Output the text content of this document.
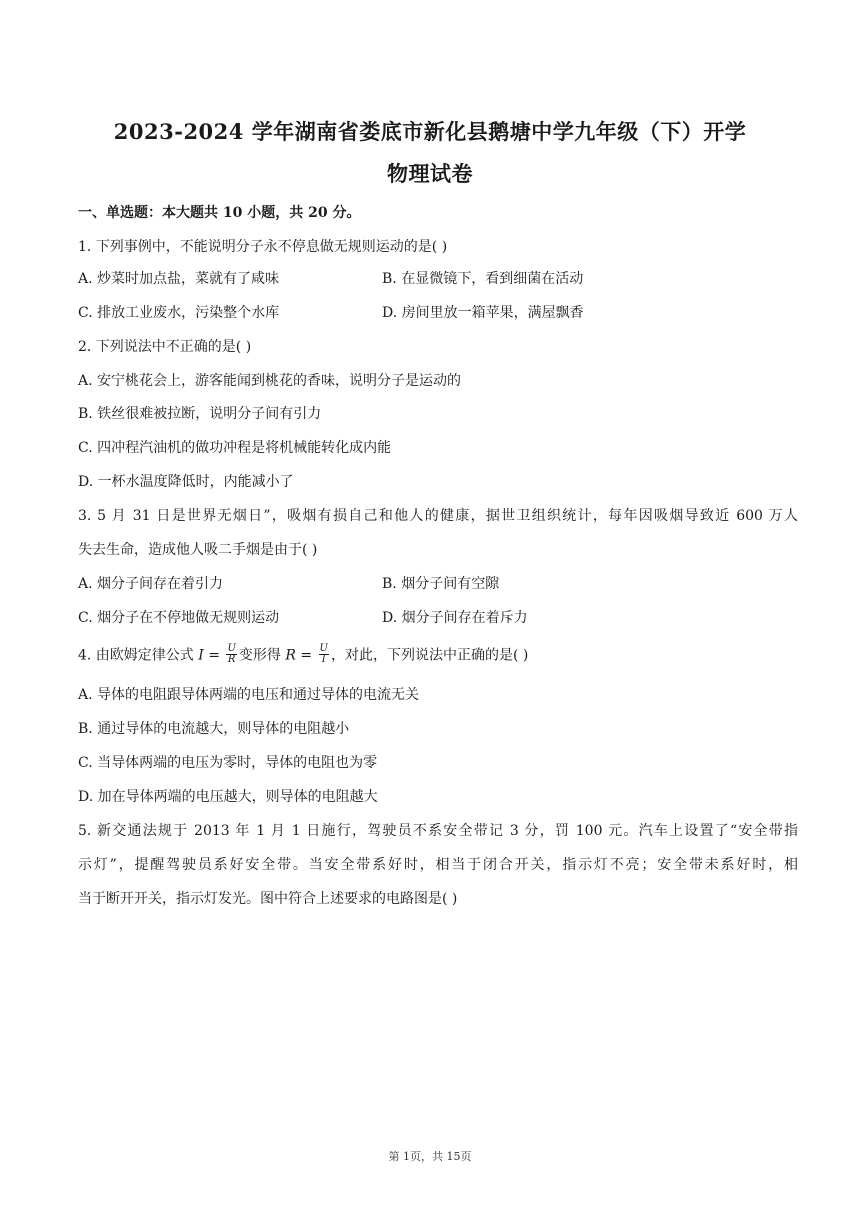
2023-2024 学年湖南省娄底市新化县鹅塘中学九年级（下）开学
物理试卷
一、单选题：本大题共 10 小题，共 20 分。
1. 下列事例中，不能说明分子永不停息做无规则运动的是( )
A. 炒菜时加点盐，菜就有了咸味	B. 在显微镜下，看到细菌在活动
C. 排放工业废水，污染整个水库	D. 房间里放一箱苹果，满屋飘香
2. 下列说法中不正确的是( )
A. 安宁桃花会上，游客能闻到桃花的香味，说明分子是运动的
B. 铁丝很难被拉断，说明分子间有引力
C. 四冲程汽油机的做功冲程是将机械能转化成内能
D. 一杯水温度降低时，内能减小了
3. 5 月 31 日是世界无烟日”，吸烟有损自己和他人的健康，据世卫组织统计，每年因吸烟导致近 600 万人
失去生命，造成他人吸二手烟是由于( )
A. 烟分子间存在着引力	B. 烟分子间有空隙
C. 烟分子在不停地做无规则运动	D. 烟分子间存在着斥力
4. 由欧姆定律公式 $I = \frac{U}{R}$ 变形得 $R = \frac{U}{I}$ ，对此，下列说法中正确的是( )
A. 导体的电阻跟导体两端的电压和通过导体的电流无关
B. 通过导体的电流越大，则导体的电阻越小
C. 当导体两端的电压为零时，导体的电阻也为零
D. 加在导体两端的电压越大，则导体的电阻越大
5. 新交通法规于 2013 年 1 月 1 日施行，驾驶员不系安全带记 3 分，罚 100 元。汽车上设置了“安全带指
示灯”，提醒驾驶员系好安全带。当安全带系好时，相当于闭合开关，指示灯不亮；安全带未系好时，相
当于断开开关，指示灯发光。图中符合上述要求的电路图是( )
第 1页，共 15页
